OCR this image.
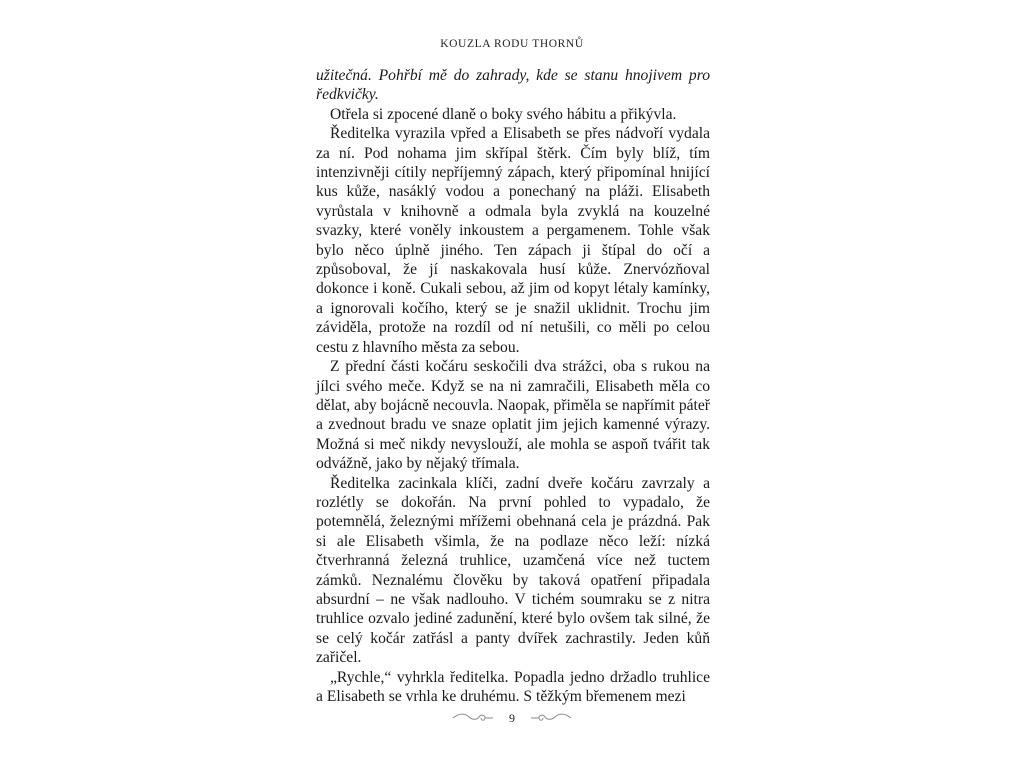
KOUZLA RODU THORNŮ

užitečná. Pohřbí mě do zahrady, kde se stanu hnojivem pro ředkvičky.

Otřela si zpocené dlaně o boky svého hábitu a přikývla.

Ředitelka vyrazila vpřed a Elisabeth se přes nádvoří vydala za ní. Pod nohama jim skřípal štěrk. Čím byly blíž, tím intenzivněji cítily nepříjemný zápach, který připomínal hnijící kus kůže, nasáklý vodou a ponechaný na pláži. Elisabeth vyrůstala v knihovně a odmala byla zvyklá na kouzelné svazky, které voněly inkoustem a pergamenem. Tohle však bylo něco úplně jiného. Ten zápach ji štípal do očí a způsoboval, že jí naskakovala husí kůže. Znervózňoval dokonce i koně. Cukali sebou, až jim od kopyt létaly kamínky, a ignorovali kočího, který se je snažil uklidnit. Trochu jim záviděla, protože na rozdíl od ní netušili, co měli po celou cestu z hlavního města za sebou.

Z přední části kočáru seskočili dva strážci, oba s rukou na jílci svého meče. Když se na ni zamračili, Elisabeth měla co dělat, aby bojácně necouvla. Naopak, přiměla se napřímit páteř a zvednout bradu ve snaze oplatit jim jejich kamenné výrazy. Možná si meč nikdy nevyslouží, ale mohla se aspoň tvářit tak odvážně, jako by nějaký třímala.

Ředitelka zacinkala klíči, zadní dveře kočáru zavrzaly a rozlétly se dokořán. Na první pohled to vypadalo, že potemnělá, železnými mřížemi obehnaná cela je prázdná. Pak si ale Elisabeth všimla, že na podlaze něco leží: nízká čtverhranná železná truhlice, uzamčená více než tuctem zámků. Neznalému člověku by taková opatření připadala absurdní – ne však nadlouho. V tichém soumraku se z nitra truhlice ozvalo jediné zadunění, které bylo ovšem tak silné, že se celý kočár zatřásl a panty dvířek zachrastily. Jeden kůň zařičel.

„Rychle,“ vyhrkla ředitelka. Popadla jedno držadlo truhlice a Elisabeth se vrhla ke druhému. S těžkým břemenem mezi

9
